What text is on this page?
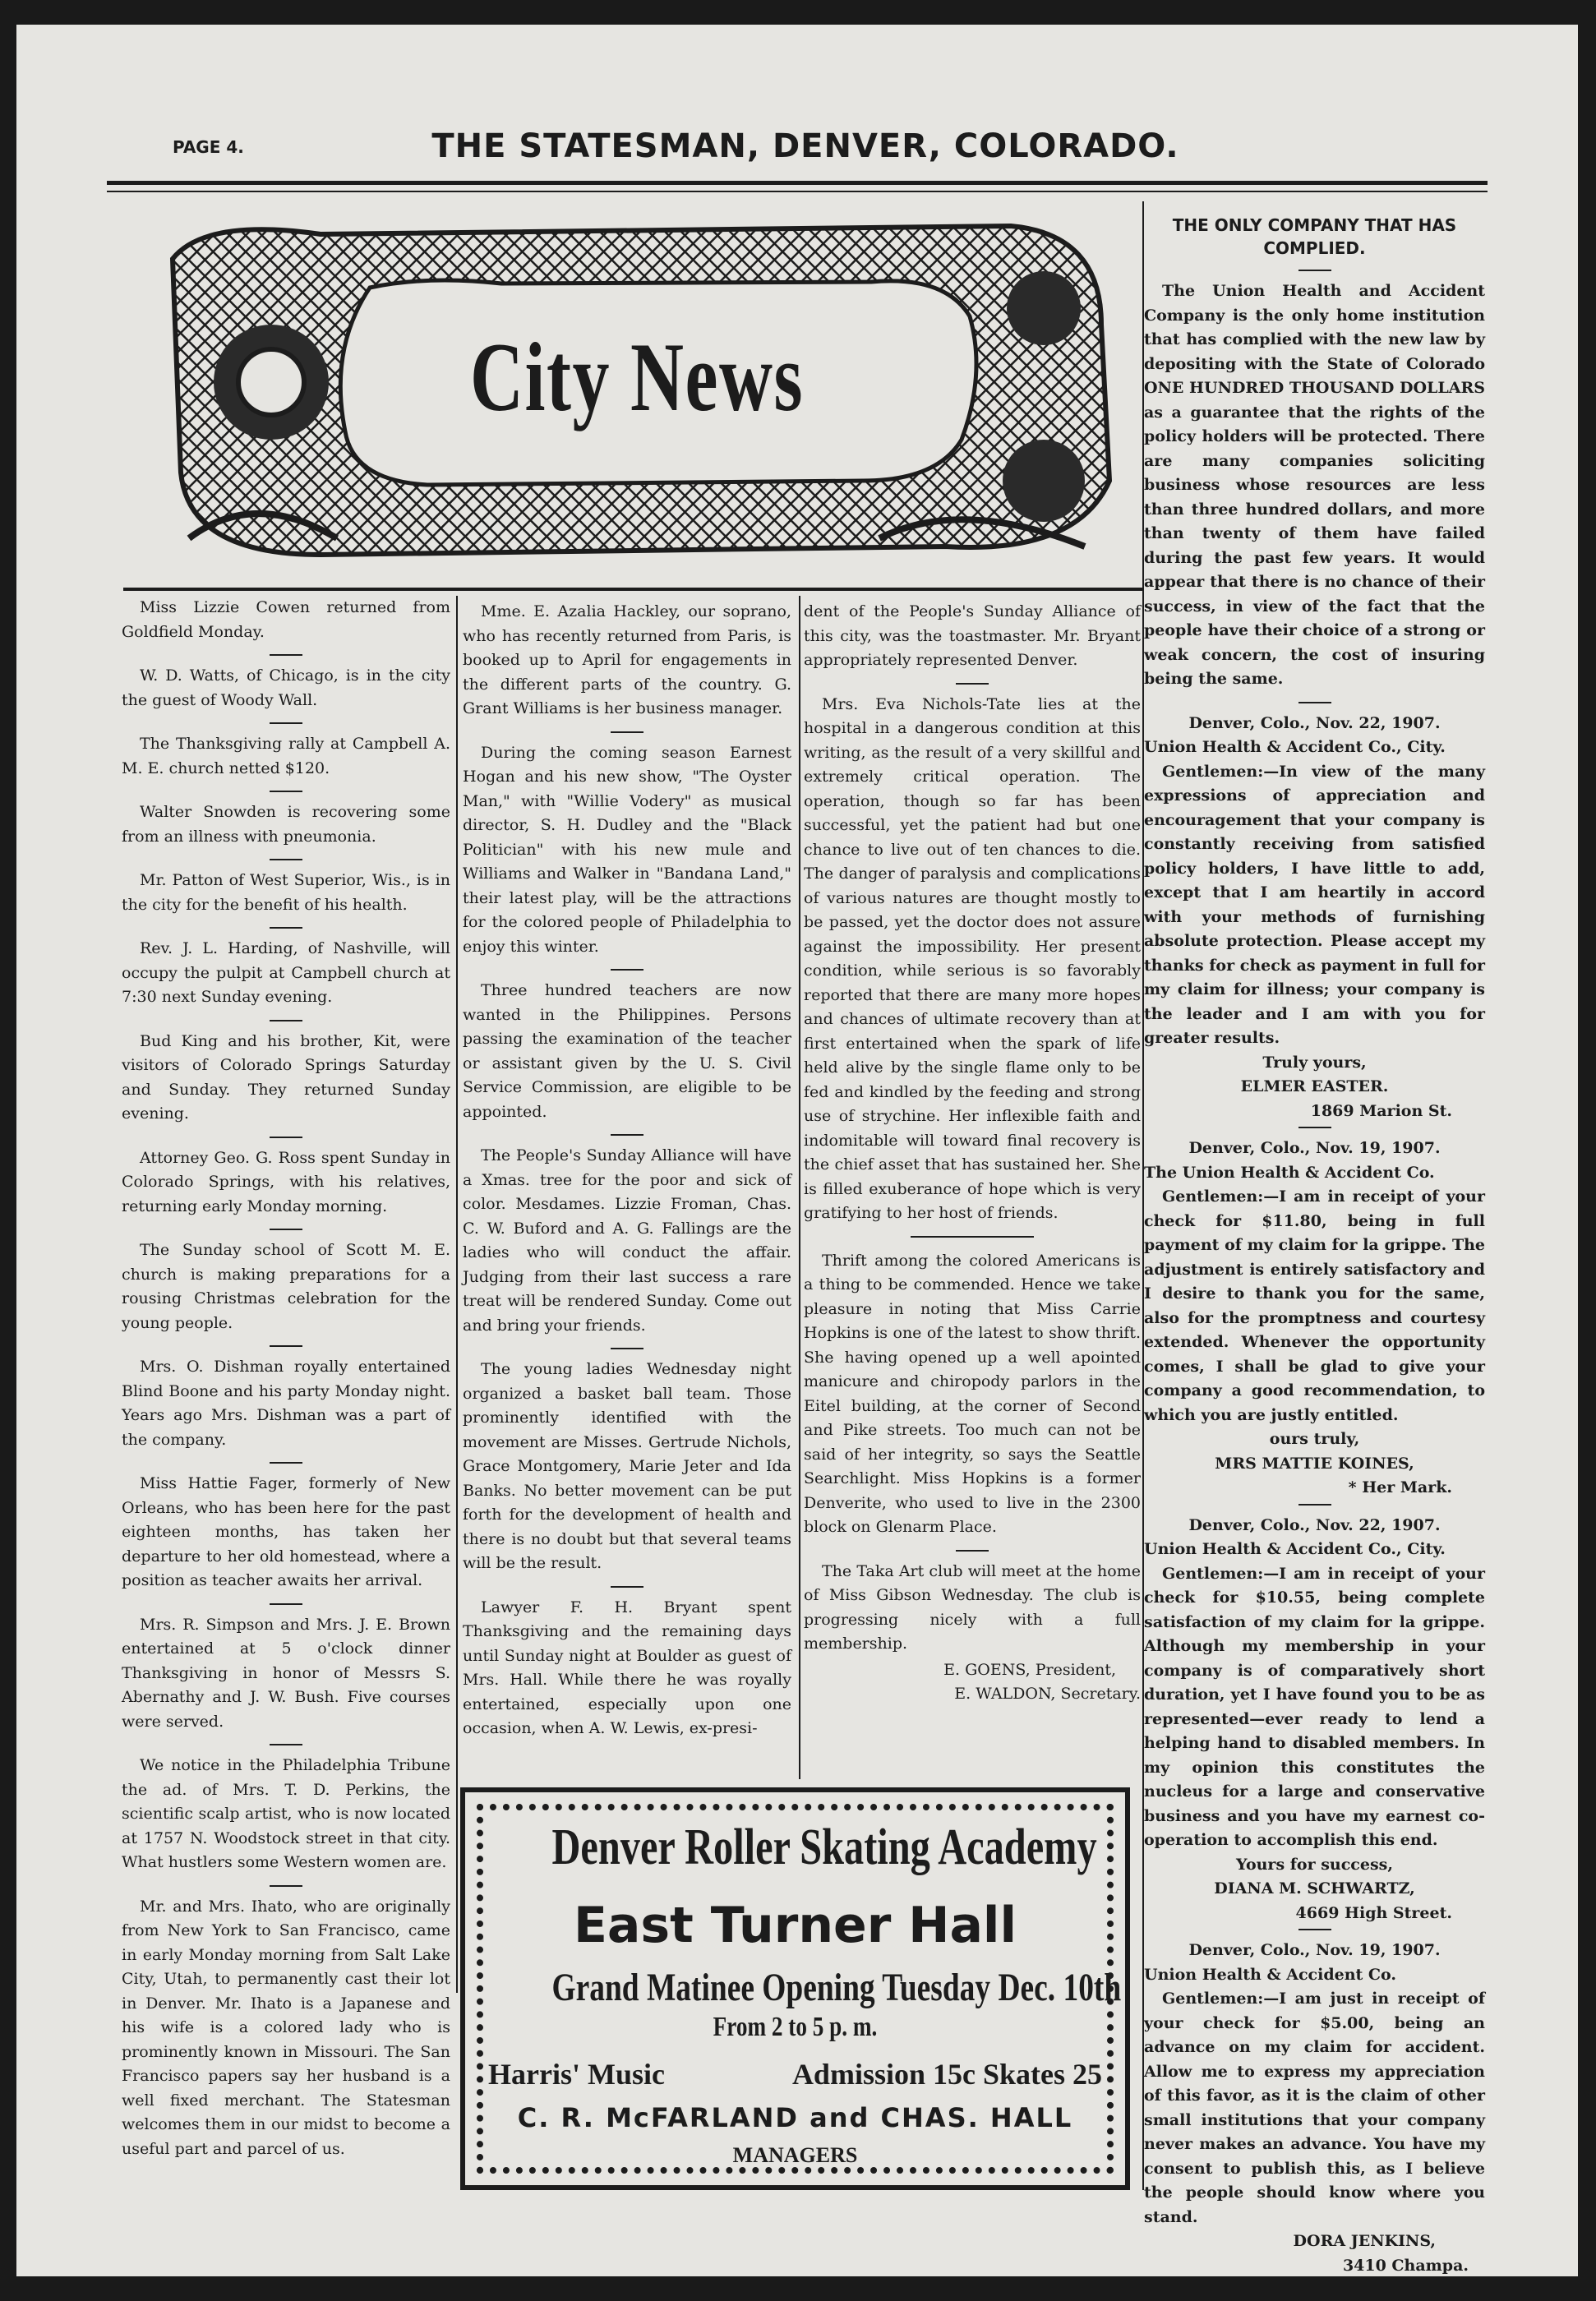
PAGE 4.	THE STATESMAN, DENVER, COLORADO.
City News

Miss Lizzie Cowen returned from Goldfield Monday.

W. D. Watts, of Chicago, is in the city the guest of Woody Wall.

The Thanksgiving rally at Campbell A. M. E. church netted $120.

Walter Snowden is recovering some from an illness with pneumonia.

Mr. Patton of West Superior, Wis., is in the city for the benefit of his health.

Rev. J. L. Harding, of Nashville, will occupy the pulpit at Campbell church at 7:30 next Sunday evening.

Bud King and his brother, Kit, were visitors of Colorado Springs Saturday and Sunday. They returned Sunday evening.

Attorney Geo. G. Ross spent Sunday in Colorado Springs, with his relatives, returning early Monday morning.

The Sunday school of Scott M. E. church is making preparations for a rousing Christmas celebration for the young people.

Mrs. O. Dishman royally entertained Blind Boone and his party Monday night. Years ago Mrs. Dishman was a part of the company.

Miss Hattie Fager, formerly of New Orleans, who has been here for the past eighteen months, has taken her departure to her old homestead, where a position as teacher awaits her arrival.

Mrs. R. Simpson and Mrs. J. E. Brown entertained at 5 o'clock dinner Thanksgiving in honor of Messrs S. Abernathy and J. W. Bush. Five courses were served.

We notice in the Philadelphia Tribune the ad. of Mrs. T. D. Perkins, the scientific scalp artist, who is now located at 1757 N. Woodstock street in that city. What hustlers some Western women are.

Mr. and Mrs. Ihato, who are originally from New York to San Francisco, came in early Monday morning from Salt Lake City, Utah, to permanently cast their lot in Denver. Mr. Ihato is a Japanese and his wife is a colored lady who is prominently known in Missouri. The San Francisco papers say her husband is a well fixed merchant. The Statesman welcomes them in our midst to become a useful part and parcel of us.

Mme. E. Azalia Hackley, our soprano, who has recently returned from Paris, is booked up to April for engagements in the different parts of the country. G. Grant Williams is her business manager.

During the coming season Earnest Hogan and his new show, "The Oyster Man," with "Willie Vodery" as musical director, S. H. Dudley and the "Black Politician" with his new mule and Williams and Walker in "Bandana Land," their latest play, will be the attractions for the colored people of Philadelphia to enjoy this winter.

Three hundred teachers are now wanted in the Philippines. Persons passing the examination of the teacher or assistant given by the U. S. Civil Service Commission, are eligible to be appointed.

The People's Sunday Alliance will have a Xmas. tree for the poor and sick of color. Mesdames. Lizzie Froman, Chas. C. W. Buford and A. G. Fallings are the ladies who will conduct the affair. Judging from their last success a rare treat will be rendered Sunday. Come out and bring your friends.

The young ladies Wednesday night organized a basket ball team. Those prominently identified with the movement are Misses. Gertrude Nichols, Grace Montgomery, Marie Jeter and Ida Banks. No better movement can be put forth for the development of health and there is no doubt but that several teams will be the result.

Lawyer F. H. Bryant spent Thanksgiving and the remaining days until Sunday night at Boulder as guest of Mrs. Hall. While there he was royally entertained, especially upon one occasion, when A. W. Lewis, ex-presi-

dent of the People's Sunday Alliance of this city, was the toastmaster. Mr. Bryant appropriately represented Denver.

Mrs. Eva Nichols-Tate lies at the hospital in a dangerous condition at this writing, as the result of a very skillful and extremely critical operation. The operation, though so far has been successful, yet the patient had but one chance to live out of ten chances to die. The danger of paralysis and complications of various natures are thought mostly to be passed, yet the doctor does not assure against the impossibility. Her present condition, while serious is so favorably reported that there are many more hopes and chances of ultimate recovery than at first entertained when the spark of life held alive by the single flame only to be fed and kindled by the feeding and strong use of strychine. Her inflexible faith and indomitable will toward final recovery is the chief asset that has sustained her. She is filled exuberance of hope which is very gratifying to her host of friends.

Thrift among the colored Americans is a thing to be commended. Hence we take pleasure in noting that Miss Carrie Hopkins is one of the latest to show thrift. She having opened up a well apointed manicure and chiropody parlors in the Eitel building, at the corner of Second and Pike streets. Too much can not be said of her integrity, so says the Seattle Searchlight. Miss Hopkins is a former Denverite, who used to live in the 2300 block on Glenarm Place.

The Taka Art club will meet at the home of Miss Gibson Wednesday. The club is progressing nicely with a full membership.

E. GOENS, President,
E. WALDON, Secretary.
THE ONLY COMPANY THAT HAS COMPLIED.

The Union Health and Accident Company is the only home institution that has complied with the new law by depositing with the State of Colorado ONE HUNDRED THOUSAND DOLLARS as a guarantee that the rights of the policy holders will be protected. There are many companies soliciting business whose resources are less than three hundred dollars, and more than twenty of them have failed during the past few years. It would appear that there is no chance of their success, in view of the fact that the people have their choice of a strong or weak concern, the cost of insuring being the same.

Denver, Colo., Nov. 22, 1907.

Union Health & Accident Co., City.

Gentlemen:—In view of the many expressions of appreciation and encouragement that your company is constantly receiving from satisfied policy holders, I have little to add, except that I am heartily in accord with your methods of furnishing absolute protection. Please accept my thanks for check as payment in full for my claim for illness; your company is the leader and I am with you for greater results.

Truly yours,

ELMER EASTER.

1869 Marion St.

Denver, Colo., Nov. 19, 1907.

The Union Health & Accident Co.

Gentlemen:—I am in receipt of your check for $11.80, being in full payment of my claim for la grippe. The adjustment is entirely satisfactory and I desire to thank you for the same, also for the promptness and courtesy extended. Whenever the opportunity comes, I shall be glad to give your company a good recommendation, to which you are justly entitled.

ours truly,

MRS MATTIE KOINES,

* Her Mark.

Denver, Colo., Nov. 22, 1907.

Union Health & Accident Co., City.

Gentlemen:—I am in receipt of your check for $10.55, being complete satisfaction of my claim for la grippe. Although my membership in your company is of comparatively short duration, yet I have found you to be as represented—ever ready to lend a helping hand to disabled members. In my opinion this constitutes the nucleus for a large and conservative business and you have my earnest co-operation to accomplish this end.

Yours for success,

DIANA M. SCHWARTZ,

4669 High Street.

Denver, Colo., Nov. 19, 1907.

Union Health & Accident Co.

Gentlemen:—I am just in receipt of your check for $5.00, being an advance on my claim for accident. Allow me to express my appreciation of this favor, as it is the claim of other small institutions that your company never makes an advance. You have my consent to publish this, as I believe the people should know where you stand.

DORA JENKINS,

3410 Champa.

Denver Roller Skating Academy
East Turner Hall
Grand Matinee Opening Tuesday Dec. 10th
From 2 to 5 p. m.
Harris' Music	Admission 15c Skates 25
C. R. McFARLAND and CHAS. HALL
MANAGERS
